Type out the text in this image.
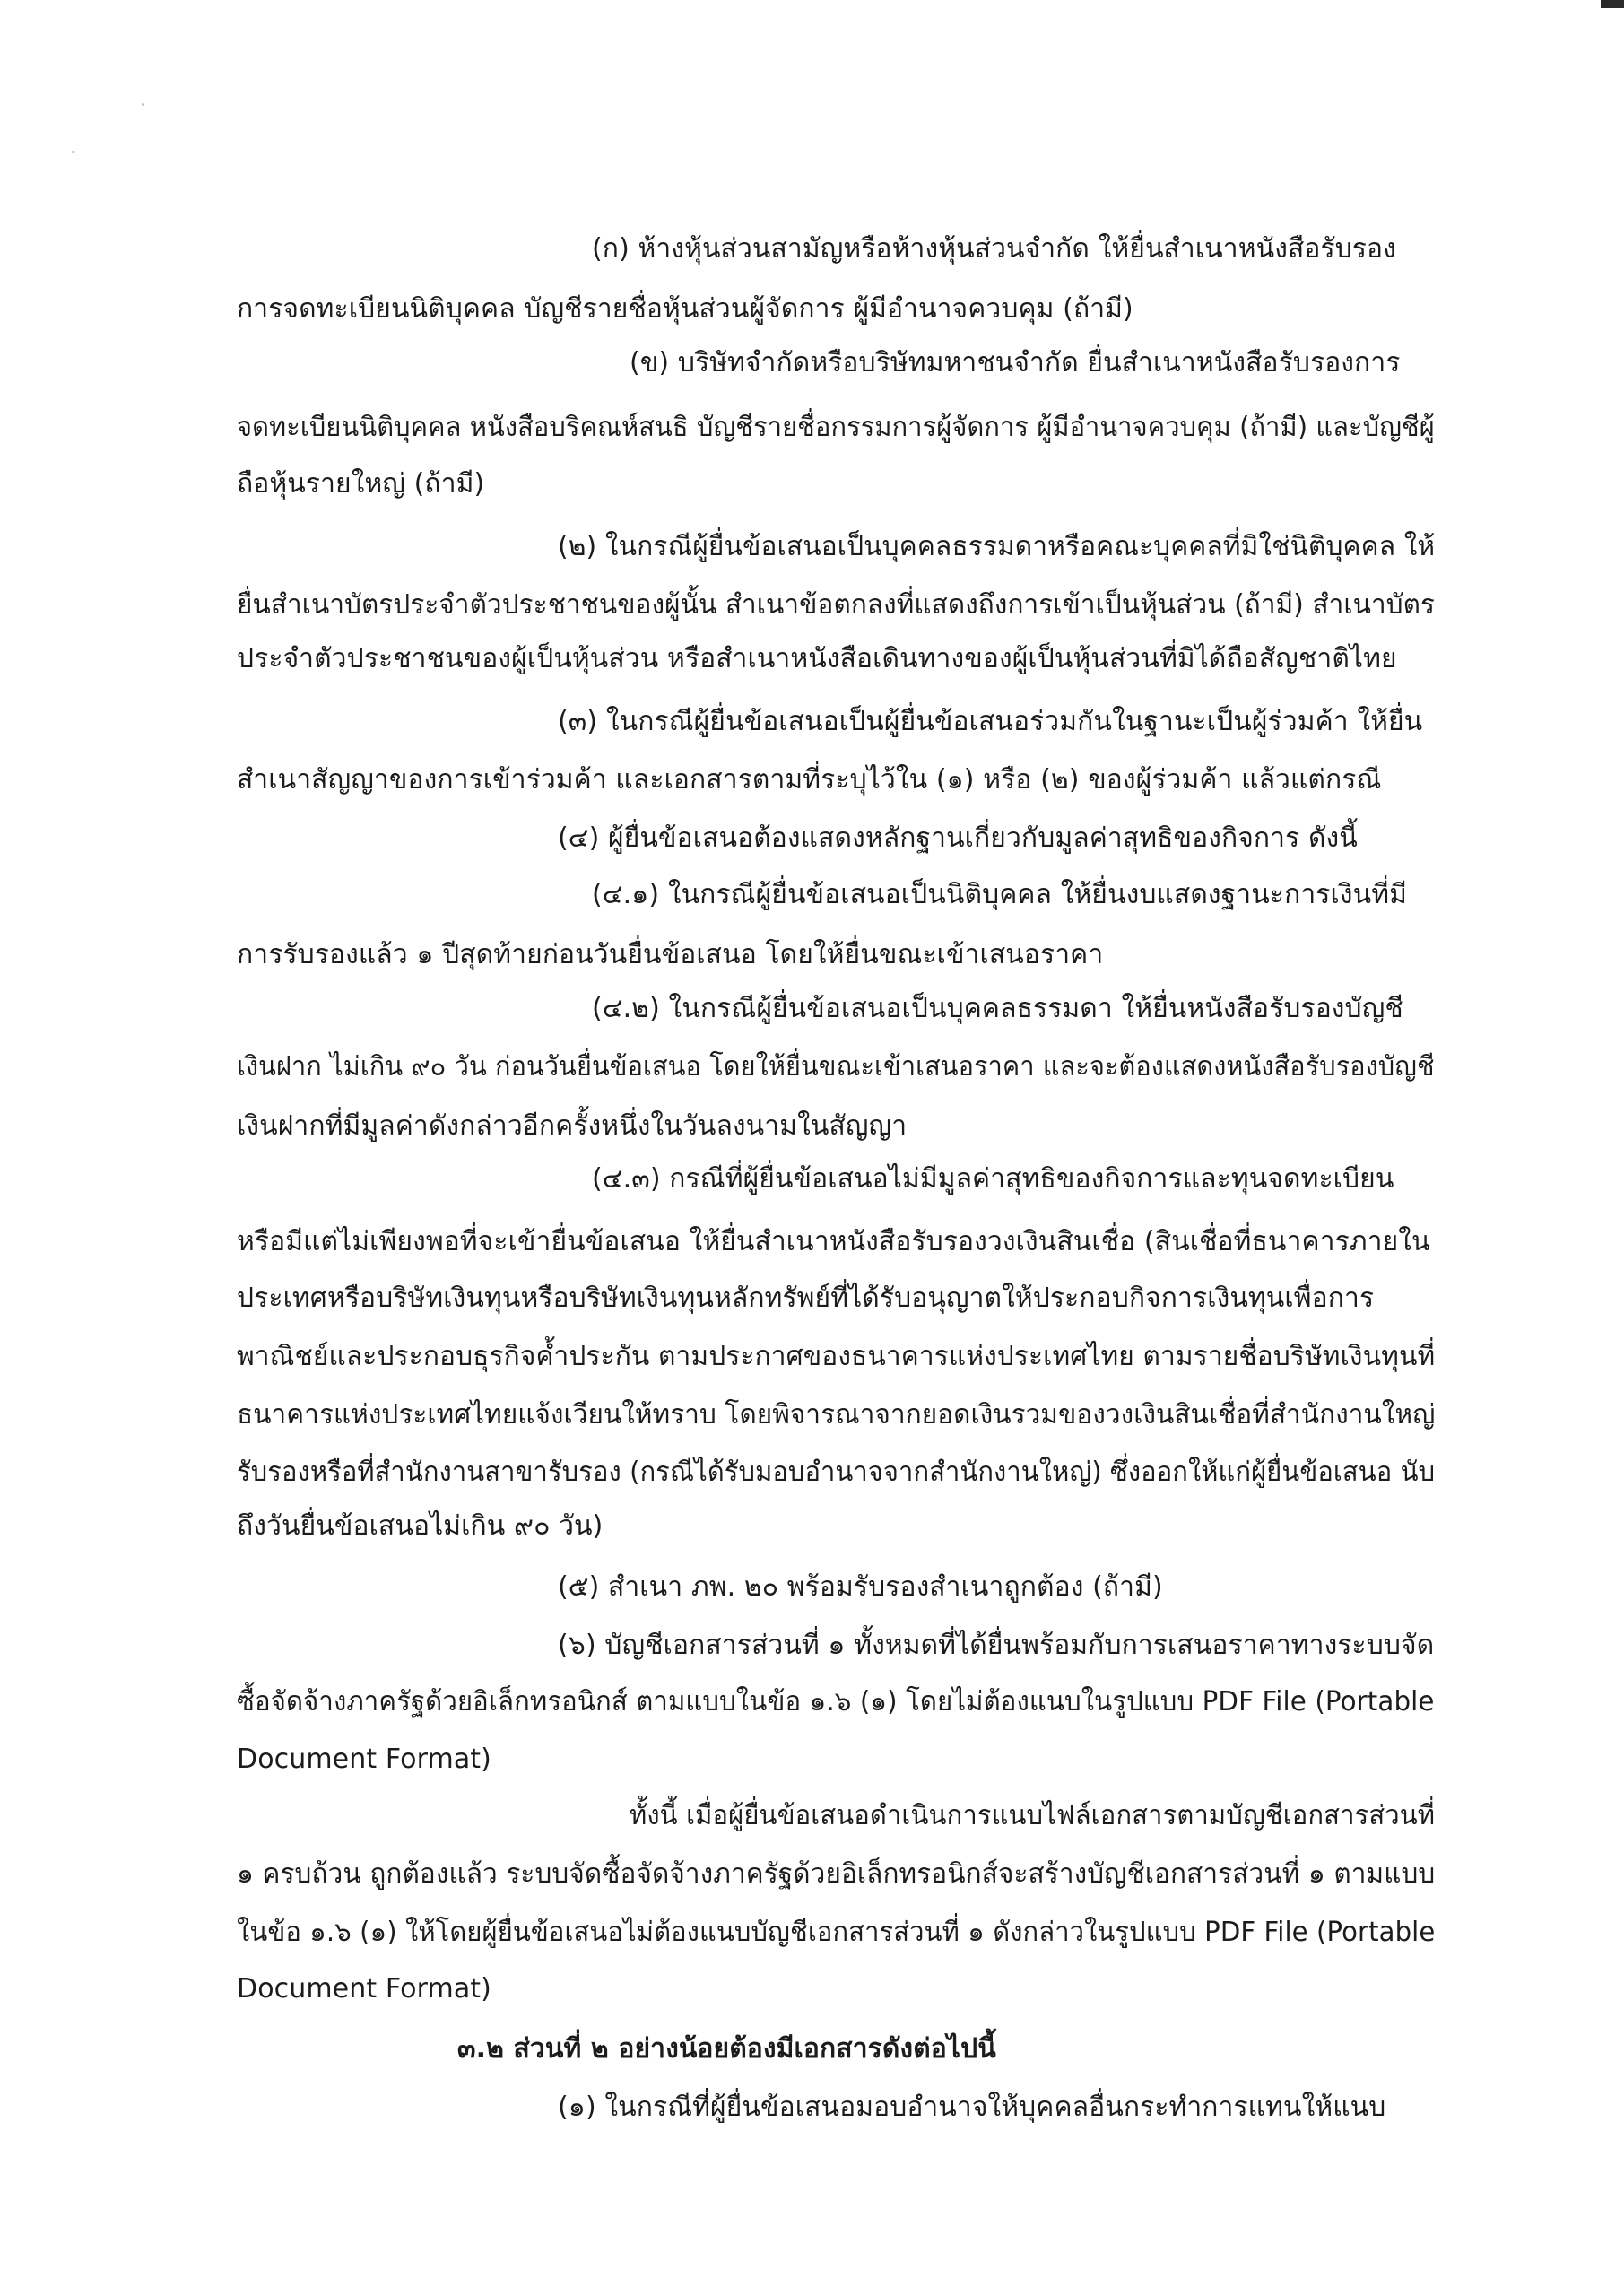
(ก) ห้างหุ้นส่วนสามัญหรือห้างหุ้นส่วนจำกัด ให้ยื่นสำเนาหนังสือรับรอง
การจดทะเบียนนิติบุคคล บัญชีรายชื่อหุ้นส่วนผู้จัดการ ผู้มีอำนาจควบคุม (ถ้ามี)
(ข) บริษัทจำกัดหรือบริษัทมหาชนจำกัด ยื่นสำเนาหนังสือรับรองการ
จดทะเบียนนิติบุคคล หนังสือบริคณห์สนธิ บัญชีรายชื่อกรรมการผู้จัดการ ผู้มีอำนาจควบคุม (ถ้ามี) และบัญชีผู้
ถือหุ้นรายใหญ่ (ถ้ามี)
(๒) ในกรณีผู้ยื่นข้อเสนอเป็นบุคคลธรรมดาหรือคณะบุคคลที่มิใช่นิติบุคคล ให้
ยื่นสำเนาบัตรประจำตัวประชาชนของผู้นั้น สำเนาข้อตกลงที่แสดงถึงการเข้าเป็นหุ้นส่วน (ถ้ามี) สำเนาบัตร
ประจำตัวประชาชนของผู้เป็นหุ้นส่วน หรือสำเนาหนังสือเดินทางของผู้เป็นหุ้นส่วนที่มิได้ถือสัญชาติไทย
(๓) ในกรณีผู้ยื่นข้อเสนอเป็นผู้ยื่นข้อเสนอร่วมกันในฐานะเป็นผู้ร่วมค้า ให้ยื่น
สำเนาสัญญาของการเข้าร่วมค้า และเอกสารตามที่ระบุไว้ใน (๑) หรือ (๒) ของผู้ร่วมค้า แล้วแต่กรณี
(๔) ผู้ยื่นข้อเสนอต้องแสดงหลักฐานเกี่ยวกับมูลค่าสุทธิของกิจการ ดังนี้
(๔.๑) ในกรณีผู้ยื่นข้อเสนอเป็นนิติบุคคล ให้ยื่นงบแสดงฐานะการเงินที่มี
การรับรองแล้ว ๑ ปีสุดท้ายก่อนวันยื่นข้อเสนอ โดยให้ยื่นขณะเข้าเสนอราคา
(๔.๒) ในกรณีผู้ยื่นข้อเสนอเป็นบุคคลธรรมดา ให้ยื่นหนังสือรับรองบัญชี
เงินฝาก ไม่เกิน ๙๐ วัน ก่อนวันยื่นข้อเสนอ โดยให้ยื่นขณะเข้าเสนอราคา และจะต้องแสดงหนังสือรับรองบัญชี
เงินฝากที่มีมูลค่าดังกล่าวอีกครั้งหนึ่งในวันลงนามในสัญญา
(๔.๓) กรณีที่ผู้ยื่นข้อเสนอไม่มีมูลค่าสุทธิของกิจการและทุนจดทะเบียน
หรือมีแต่ไม่เพียงพอที่จะเข้ายื่นข้อเสนอ ให้ยื่นสำเนาหนังสือรับรองวงเงินสินเชื่อ (สินเชื่อที่ธนาคารภายใน
ประเทศหรือบริษัทเงินทุนหรือบริษัทเงินทุนหลักทรัพย์ที่ได้รับอนุญาตให้ประกอบกิจการเงินทุนเพื่อการ
พาณิชย์และประกอบธุรกิจค้ำประกัน ตามประกาศของธนาคารแห่งประเทศไทย ตามรายชื่อบริษัทเงินทุนที่
ธนาคารแห่งประเทศไทยแจ้งเวียนให้ทราบ โดยพิจารณาจากยอดเงินรวมของวงเงินสินเชื่อที่สำนักงานใหญ่
รับรองหรือที่สำนักงานสาขารับรอง (กรณีได้รับมอบอำนาจจากสำนักงานใหญ่) ซึ่งออกให้แก่ผู้ยื่นข้อเสนอ นับ
ถึงวันยื่นข้อเสนอไม่เกิน ๙๐ วัน)
(๕) สำเนา ภพ. ๒๐ พร้อมรับรองสำเนาถูกต้อง (ถ้ามี)
(๖) บัญชีเอกสารส่วนที่ ๑ ทั้งหมดที่ได้ยื่นพร้อมกับการเสนอราคาทางระบบจัด
ซื้อจัดจ้างภาครัฐด้วยอิเล็กทรอนิกส์ ตามแบบในข้อ ๑.๖ (๑) โดยไม่ต้องแนบในรูปแบบ PDF File (Portable
Document Format)
ทั้งนี้ เมื่อผู้ยื่นข้อเสนอดำเนินการแนบไฟล์เอกสารตามบัญชีเอกสารส่วนที่
๑ ครบถ้วน ถูกต้องแล้ว ระบบจัดซื้อจัดจ้างภาครัฐด้วยอิเล็กทรอนิกส์จะสร้างบัญชีเอกสารส่วนที่ ๑ ตามแบบ
ในข้อ ๑.๖ (๑) ให้โดยผู้ยื่นข้อเสนอไม่ต้องแนบบัญชีเอกสารส่วนที่ ๑ ดังกล่าวในรูปแบบ PDF File (Portable
Document Format)
๓.๒ ส่วนที่ ๒ อย่างน้อยต้องมีเอกสารดังต่อไปนี้
(๑) ในกรณีที่ผู้ยื่นข้อเสนอมอบอำนาจให้บุคคลอื่นกระทำการแทนให้แนบ
